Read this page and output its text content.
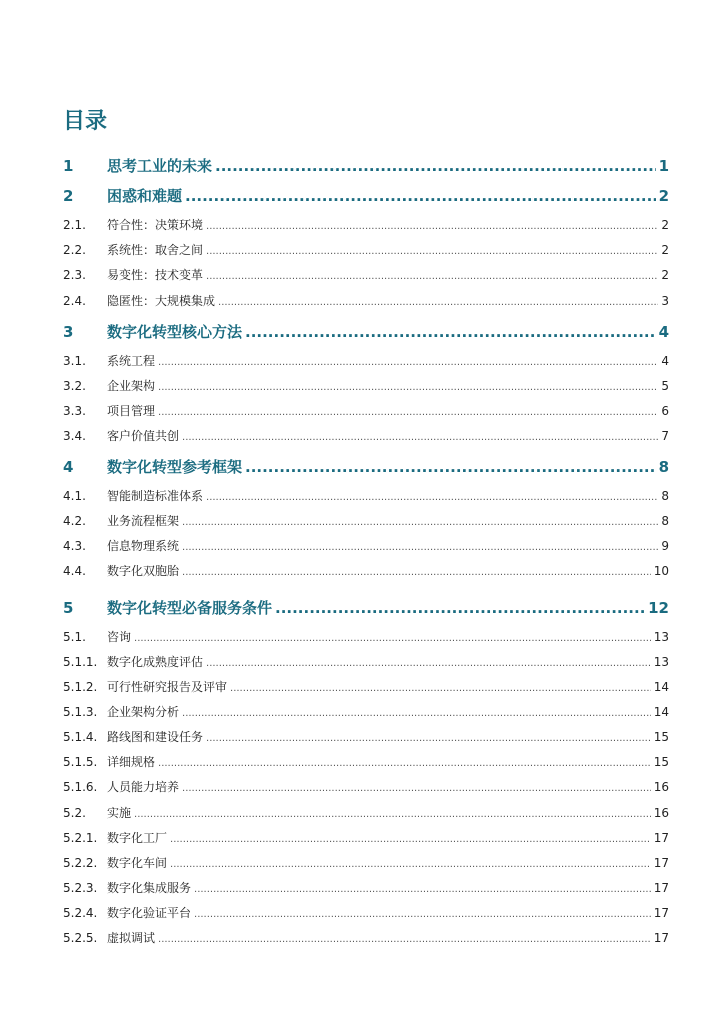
目录
1	思考工业的未来 .....	1
2	困惑和难题 .....	2
2.1.	符合性：决策环境 .....	2
2.2.	系统性：取舍之间 .....	2
2.3.	易变性：技术变革 .....	2
2.4.	隐匿性：大规模集成 .....	3
3	数字化转型核心方法 .....	4
3.1.	系统工程 .....	4
3.2.	企业架构 .....	5
3.3.	项目管理 .....	6
3.4.	客户价值共创 .....	7
4	数字化转型参考框架 .....	8
4.1.	智能制造标准体系 .....	8
4.2.	业务流程框架 .....	8
4.3.	信息物理系统 .....	9
4.4.	数字化双胞胎 .....	10
5	数字化转型必备服务条件 .....	12
5.1.	咨询 .....	13
5.1.1. 数字化成熟度评估 .....	13
5.1.2. 可行性研究报告及评审 .....	14
5.1.3. 企业架构分析 .....	14
5.1.4. 路线图和建设任务 .....	15
5.1.5. 详细规格 .....	15
5.1.6. 人员能力培养 .....	16
5.2.	实施 .....	16
5.2.1. 数字化工厂 .....	17
5.2.2. 数字化车间 .....	17
5.2.3. 数字化集成服务 .....	17
5.2.4. 数字化验证平台 .....	17
5.2.5. 虚拟调试 .....	17
